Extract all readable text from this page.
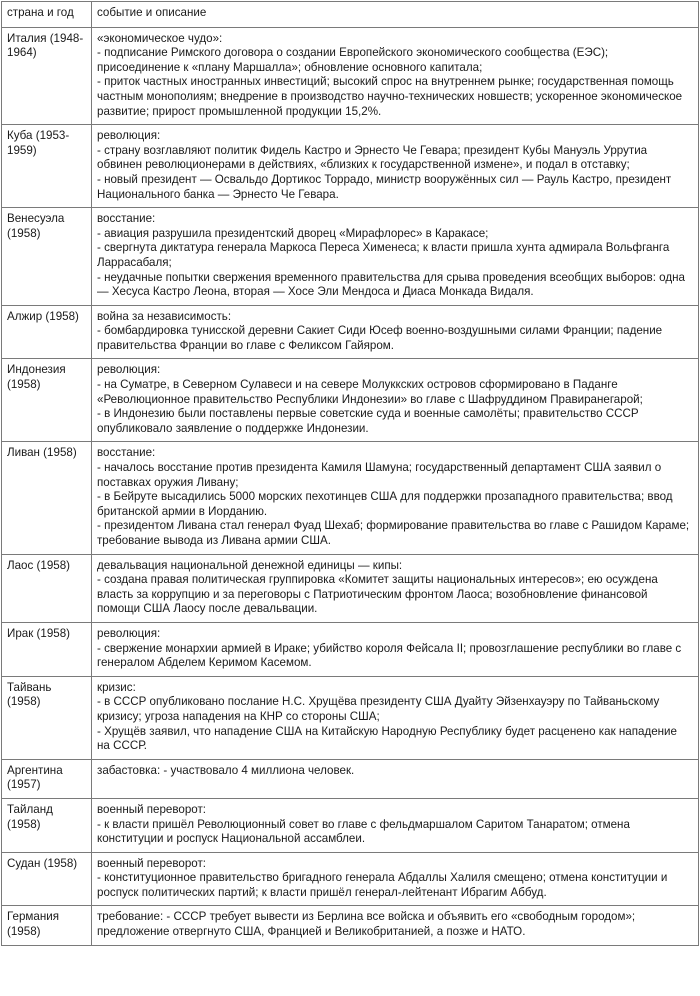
страна и год	событие и описание
Италия (1948-1964)	«экономическое чудо»:
- подписание Римского договора о создании Европейского экономического сообщества (ЕЭС); присоединение к «плану Маршалла»; обновление основного капитала;
- приток частных иностранных инвестиций; высокий спрос на внутреннем рынке; государственная помощь частным монополиям; внедрение в производство научно-технических новшеств; ускоренное экономическое развитие; прирост промышленной продукции 15,2%.

Куба (1953-1959)	революция:
- страну возглавляют политик Фидель Кастро и Эрнесто Че Гевара; президент Кубы Мануэль Уррутиа обвинен революционерами в действиях, «близких к государственной измене», и подал в отставку;
- новый президент — Освальдо Дортикос Торрадо, министр вооружённых сил — Рауль Кастро, президент Национального банка — Эрнесто Че Гевара.

Венесуэла (1958)	восстание:
- авиация разрушила президентский дворец «Мирафлорес» в Каракасе;
- свергнута диктатура генерала Маркоса Переса Хименеса; к власти пришла хунта адмирала Вольфганга Ларрасабаля;
- неудачные попытки свержения временного правительства для срыва проведения всеобщих выборов: одна — Хесуса Кастро Леона, вторая — Хосе Эли Мендоса и Диаса Монкада Видаля.

Алжир (1958)	война за независимость:
- бомбардировка тунисской деревни Сакиет Сиди Юсеф военно-воздушными силами Франции; падение правительства Франции во главе с Феликсом Гайяром.

Индонезия (1958)	революция:
- на Суматре, в Северном Сулавеси и на севере Молуккских островов сформировано в Паданге «Революционное правительство Республики Индонезии» во главе с Шафруддином Правиранегарой;
- в Индонезию были поставлены первые советские суда и военные самолёты; правительство СССР опубликовало заявление о поддержке Индонезии.

Ливан (1958)	восстание:
- началось восстание против президента Камиля Шамуна; государственный департамент США заявил о поставках оружия Ливану;
- в Бейруте высадились 5000 морских пехотинцев США для поддержки прозападного правительства; ввод британской армии в Иорданию.
- президентом Ливана стал генерал Фуад Шехаб; формирование правительства во главе с Рашидом Караме; требование вывода из Ливана армии США.

Лаос (1958)	девальвация национальной денежной единицы — кипы:
- создана правая политическая группировка «Комитет защиты национальных интересов»; ею осуждена власть за коррупцию и за переговоры с Патриотическим фронтом Лаоса; возобновление финансовой помощи США Лаосу после девальвации.

Ирак (1958)	революция:
- свержение монархии армией в Ираке; убийство короля Фейсала II; провозглашение республики во главе с генералом Абделем Керимом Касемом.

Тайвань (1958)	кризис:
- в СССР опубликовано послание Н.С. Хрущёва президенту США Дуайту Эйзенхауэру по Тайваньскому кризису; угроза нападения на КНР со стороны США;
- Хрущёв заявил, что нападение США на Китайскую Народную Республику будет расценено как нападение на СССР.

Аргентина (1957)	забастовка: - участвовало 4 миллиона человек.

Тайланд (1958)	военный переворот:
- к власти пришёл Революционный совет во главе с фельдмаршалом Саритом Танаратом; отмена конституции и роспуск Национальной ассамблеи.

Судан (1958)	военный переворот:
- конституционное правительство бригадного генерала Абдаллы Халиля смещено; отмена конституции и роспуск политических партий; к власти пришёл генерал-лейтенант Ибрагим Аббуд.

Германия (1958)	требование: - СССР требует вывести из Берлина все войска и объявить его «свободным городом»; предложение отвергнуто США, Францией и Великобританией, а позже и НАТО.
